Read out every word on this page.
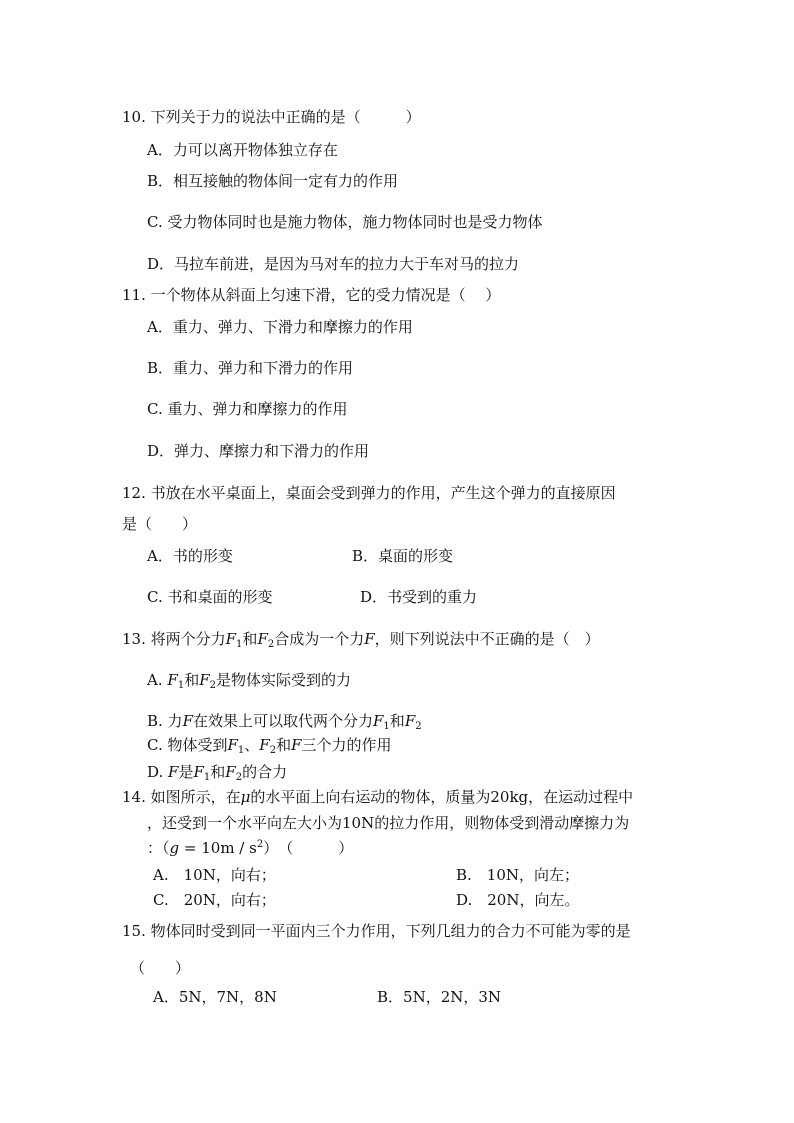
10. 下列关于力的说法中正确的是（　　　）
A．力可以离开物体独立存在
B．相互接触的物体间一定有力的作用
C. 受力物体同时也是施力物体，施力物体同时也是受力物体
D．马拉车前进，是因为马对车的拉力大于车对马的拉力
11. 一个物体从斜面上匀速下滑，它的受力情况是（　 ）
A．重力、弹力、下滑力和摩擦力的作用
B．重力、弹力和下滑力的作用
C. 重力、弹力和摩擦力的作用
D．弹力、摩擦力和下滑力的作用
12. 书放在水平桌面上，桌面会受到弹力的作用，产生这个弹力的直接原因
是（　　）
A．书的形变	B．桌面的形变
C. 书和桌面的形变	D．书受到的重力
13. 将两个分力$F_1$和$F_2$合成为一个力F，则下列说法中不正确的是（　）
A. $F_1$和$F_2$是物体实际受到的力
B. 力F在效果上可以取代两个分力$F_1$和$F_2$
C. 物体受到$F_1$、$F_2$和F三个力的作用
D. F是$F_1$和$F_2$的合力
14. 如图所示，在μ的水平面上向右运动的物体，质量为20kg，在运动过程中
，还受到一个水平向左大小为10N的拉力作用，则物体受到滑动摩擦力为
：$(g = 10m / s^2)$　（　　　）
A.　10N，向右；	B.　10N，向左；
C.　20N，向右；	D.　20N，向左。
15. 物体同时受到同一平面内三个力作用，下列几组力的合力不可能为零的是
（　　）
A．5N，7N，8N	B．5N，2N，3N
